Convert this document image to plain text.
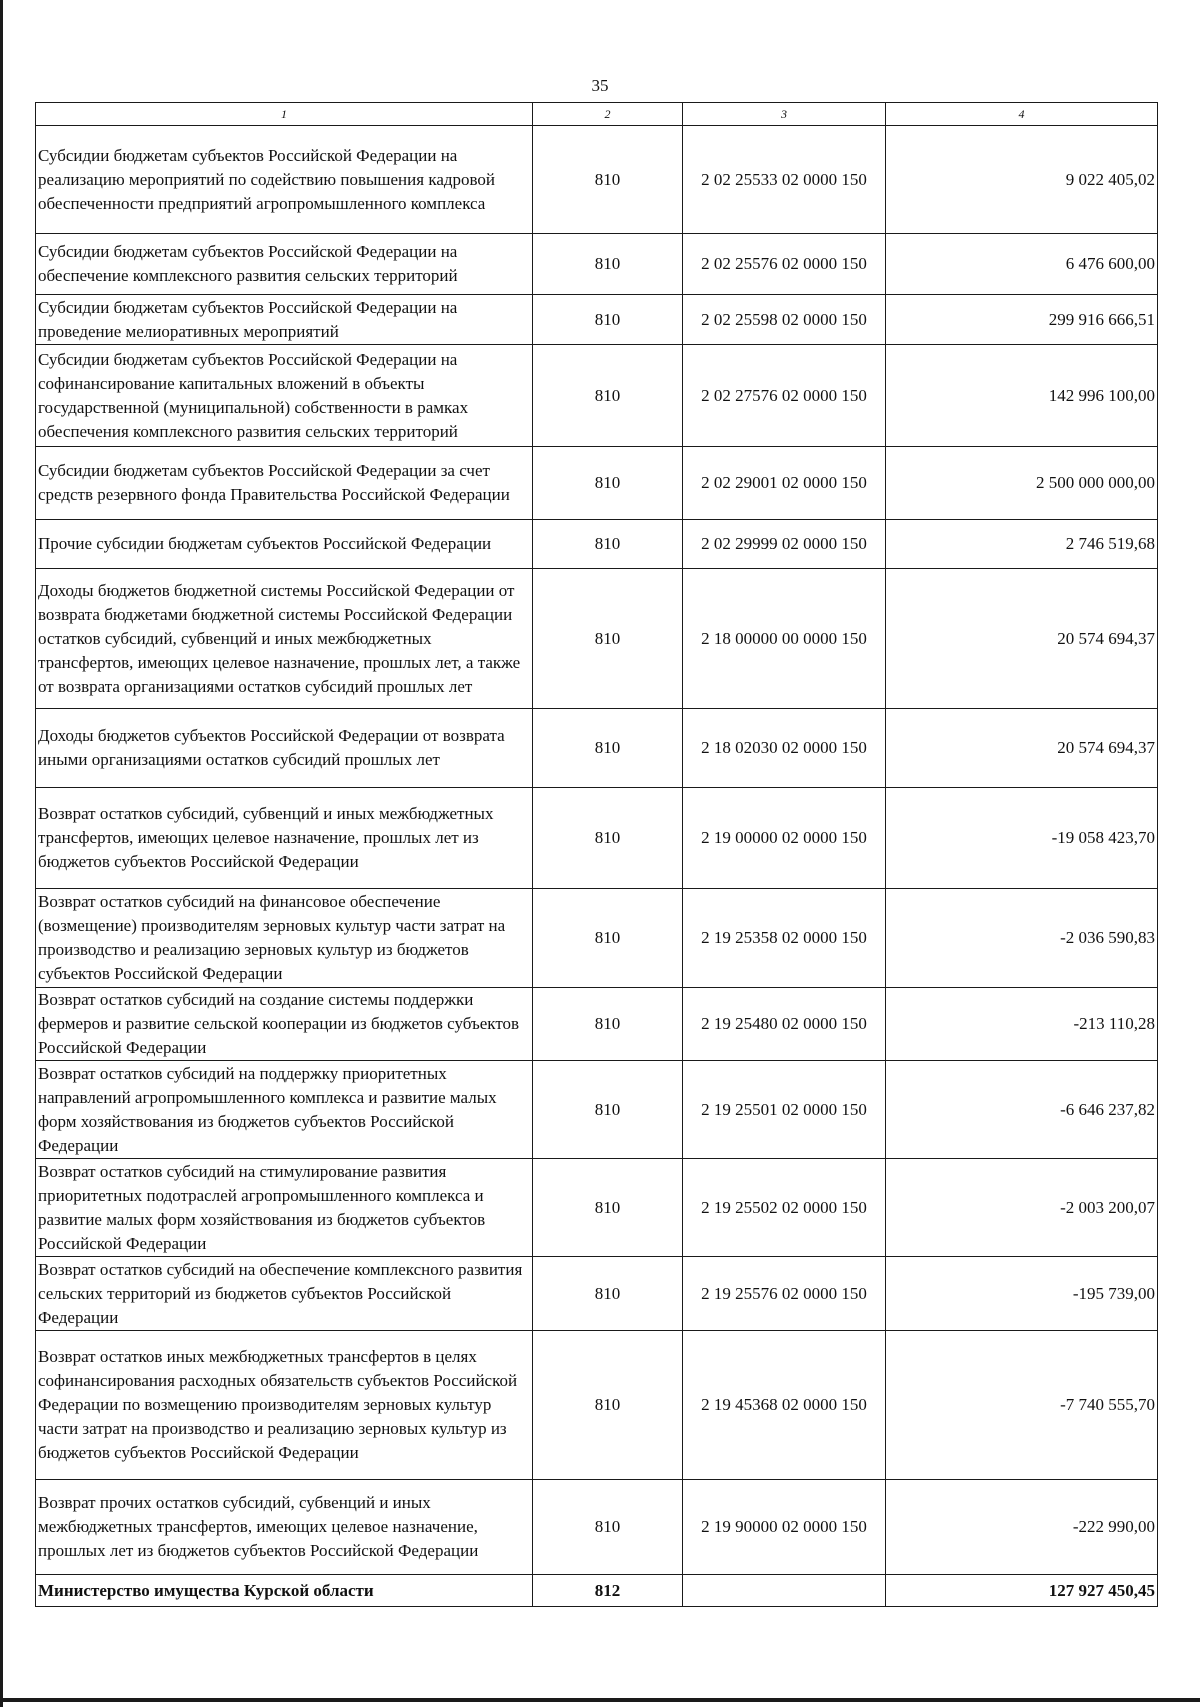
35
1	2	3	4
Субсидии бюджетам субъектов Российской Федерации на реализацию мероприятий по содействию повышения кадровой обеспеченности предприятий агропромышленного комплекса	810	2 02 25533 02 0000 150	9 022 405,02
Субсидии бюджетам субъектов Российской Федерации на обеспечение комплексного развития сельских территорий	810	2 02 25576 02 0000 150	6 476 600,00
Субсидии бюджетам субъектов Российской Федерации на проведение мелиоративных мероприятий	810	2 02 25598 02 0000 150	299 916 666,51
Субсидии бюджетам субъектов Российской Федерации на софинансирование капитальных вложений в объекты государственной (муниципальной) собственности в рамках обеспечения комплексного развития сельских территорий	810	2 02 27576 02 0000 150	142 996 100,00
Субсидии бюджетам субъектов Российской Федерации за счет средств резервного фонда Правительства Российской Федерации	810	2 02 29001 02 0000 150	2 500 000 000,00
Прочие субсидии бюджетам субъектов Российской Федерации	810	2 02 29999 02 0000 150	2 746 519,68
Доходы бюджетов бюджетной системы Российской Федерации от возврата бюджетами бюджетной системы Российской Федерации остатков субсидий, субвенций и иных межбюджетных трансфертов, имеющих целевое назначение, прошлых лет, а также от возврата организациями остатков субсидий прошлых лет	810	2 18 00000 00 0000 150	20 574 694,37
Доходы бюджетов субъектов Российской Федерации от возврата иными организациями остатков субсидий прошлых лет	810	2 18 02030 02 0000 150	20 574 694,37
Возврат остатков субсидий, субвенций и иных межбюджетных трансфертов, имеющих целевое назначение, прошлых лет из бюджетов субъектов Российской Федерации	810	2 19 00000 02 0000 150	-19 058 423,70
Возврат остатков субсидий на финансовое обеспечение (возмещение) производителям зерновых культур части затрат на производство и реализацию зерновых культур из бюджетов субъектов Российской Федерации	810	2 19 25358 02 0000 150	-2 036 590,83
Возврат остатков субсидий на создание системы поддержки фермеров и развитие сельской кооперации из бюджетов субъектов Российской Федерации	810	2 19 25480 02 0000 150	-213 110,28
Возврат остатков субсидий на поддержку приоритетных направлений агропромышленного комплекса и развитие малых форм хозяйствования из бюджетов субъектов Российской Федерации	810	2 19 25501 02 0000 150	-6 646 237,82
Возврат остатков субсидий на стимулирование развития приоритетных подотраслей агропромышленного комплекса и развитие малых форм хозяйствования из бюджетов субъектов Российской Федерации	810	2 19 25502 02 0000 150	-2 003 200,07
Возврат остатков субсидий на обеспечение комплексного развития сельских территорий из бюджетов субъектов Российской Федерации	810	2 19 25576 02 0000 150	-195 739,00
Возврат остатков иных межбюджетных трансфертов в целях софинансирования расходных обязательств субъектов Российской Федерации по возмещению производителям зерновых культур части затрат на производство и реализацию зерновых культур из бюджетов субъектов Российской Федерации	810	2 19 45368 02 0000 150	-7 740 555,70
Возврат прочих остатков субсидий, субвенций и иных межбюджетных трансфертов, имеющих целевое назначение, прошлых лет из бюджетов субъектов Российской Федерации	810	2 19 90000 02 0000 150	-222 990,00
Министерство имущества Курской области	812		127 927 450,45
